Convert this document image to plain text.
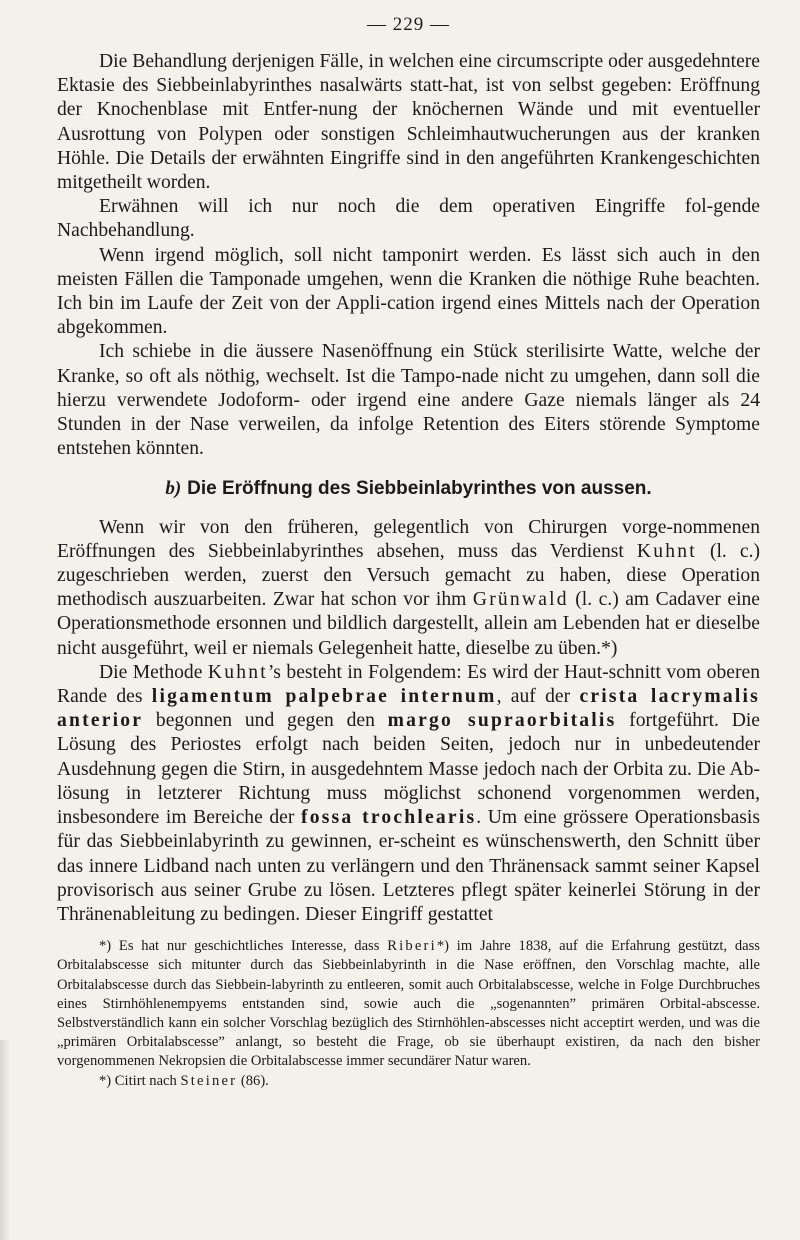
— 229 —

Die Behandlung derjenigen Fälle, in welchen eine circumscripte oder ausgedehntere Ektasie des Siebbeinlabyrinthes nasalwärts statt-hat, ist von selbst gegeben: Eröffnung der Knochenblase mit Entfer-nung der knöchernen Wände und mit eventueller Ausrottung von Polypen oder sonstigen Schleimhautwucherungen aus der kranken Höhle. Die Details der erwähnten Eingriffe sind in den angeführten Krankengeschichten mitgetheilt worden.

Erwähnen will ich nur noch die dem operativen Eingriffe fol-gende Nachbehandlung.

Wenn irgend möglich, soll nicht tamponirt werden. Es lässt sich auch in den meisten Fällen die Tamponade umgehen, wenn die Kranken die nöthige Ruhe beachten. Ich bin im Laufe der Zeit von der Appli-cation irgend eines Mittels nach der Operation abgekommen.

Ich schiebe in die äussere Nasenöffnung ein Stück sterilisirte Watte, welche der Kranke, so oft als nöthig, wechselt. Ist die Tampo-nade nicht zu umgehen, dann soll die hierzu verwendete Jodoform- oder irgend eine andere Gaze niemals länger als 24 Stunden in der Nase verweilen, da infolge Retention des Eiters störende Symptome entstehen könnten.

b) Die Eröffnung des Siebbeinlabyrinthes von aussen.

Wenn wir von den früheren, gelegentlich von Chirurgen vorge-nommenen Eröffnungen des Siebbeinlabyrinthes absehen, muss das Verdienst Kuhnt (l. c.) zugeschrieben werden, zuerst den Versuch gemacht zu haben, diese Operation methodisch auszuarbeiten. Zwar hat schon vor ihm Grünwald (l. c.) am Cadaver eine Operationsmethode ersonnen und bildlich dargestellt, allein am Lebenden hat er dieselbe nicht ausgeführt, weil er niemals Gelegenheit hatte, dieselbe zu üben.*)

Die Methode Kuhnt’s besteht in Folgendem: Es wird der Haut-schnitt vom oberen Rande des ligamentum palpebrae internum, auf der crista lacrymalis anterior begonnen und gegen den margo supraorbitalis fortgeführt. Die Lösung des Periostes erfolgt nach beiden Seiten, jedoch nur in unbedeutender Ausdehnung gegen die Stirn, in ausgedehntem Masse jedoch nach der Orbita zu. Die Ab-lösung in letzterer Richtung muss möglichst schonend vorgenommen werden, insbesondere im Bereiche der fossa trochlearis. Um eine grössere Operationsbasis für das Siebbeinlabyrinth zu gewinnen, er-scheint es wünschenswerth, den Schnitt über das innere Lidband nach unten zu verlängern und den Thränensack sammt seiner Kapsel provisorisch aus seiner Grube zu lösen. Letzteres pflegt später keinerlei Störung in der Thränenableitung zu bedingen. Dieser Eingriff gestattet

*) Es hat nur geschichtliches Interesse, dass Riberi*) im Jahre 1838, auf die Erfahrung gestützt, dass Orbitalabscesse sich mitunter durch das Siebbeinlabyrinth in die Nase eröffnen, den Vorschlag machte, alle Orbitalabscesse durch das Siebbein-labyrinth zu entleeren, somit auch Orbitalabscesse, welche in Folge Durchbruches eines Stirnhöhlenempyems entstanden sind, sowie auch die „sogenannten” primären Orbital-abscesse. Selbstverständlich kann ein solcher Vorschlag bezüglich des Stirnhöhlen-abscesses nicht acceptirt werden, und was die „primären Orbitalabscesse” anlangt, so besteht die Frage, ob sie überhaupt existiren, da nach den bisher vorgenommenen Nekropsien die Orbitalabscesse immer secundärer Natur waren.

*) Citirt nach Steiner (86).
